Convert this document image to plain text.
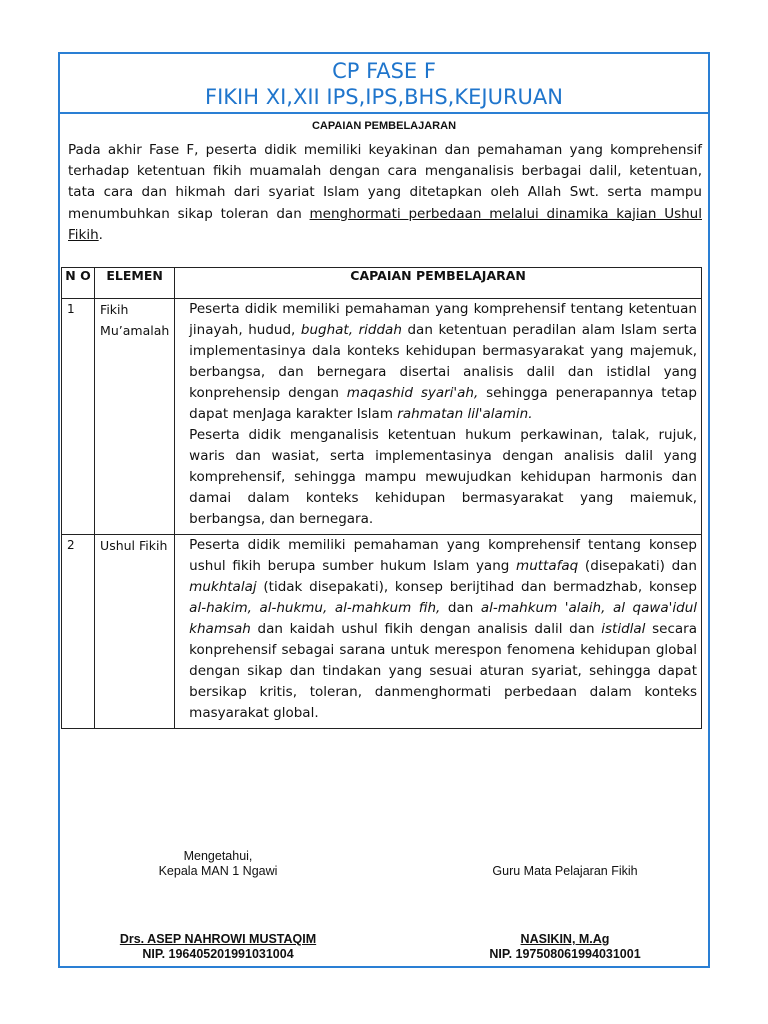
CP FASE F
FIKIH XI,XII IPS,IPS,BHS,KEJURUAN
CAPAIAN PEMBELAJARAN
Pada akhir Fase F, peserta didik memiliki keyakinan dan pemahaman yang komprehensif terhadap ketentuan fikih muamalah dengan cara menganalisis berbagai dalil, ketentuan, tata cara dan hikmah dari syariat Islam yang ditetapkan oleh Allah Swt. serta mampu menumbuhkan sikap toleran dan menghormati perbedaan melalui dinamika kajian Ushul Fikih.
N O	ELEMEN	CAPAIAN PEMBELAJARAN
1	Fikih Mu’amalah	Peserta didik memiliki pemahaman yang komprehensif tentang ketentuan jinayah, hudud, bughat, riddah dan ketentuan peradilan alam Islam serta implementasinya dala konteks kehidupan bermasyarakat yang majemuk, berbangsa, dan bernegara disertai analisis dalil dan istidlal yang konprehensip dengan maqashid syari'ah, sehingga penerapannya tetap dapat menJaga karakter Islam rahmatan lil'alamin.

Peserta didik menganalisis ketentuan hukum perkawinan, talak, rujuk, waris dan wasiat, serta implementasinya dengan analisis dalil yang komprehensif, sehingga mampu mewujudkan kehidupan harmonis dan damai dalam konteks kehidupan bermasyarakat yang maiemuk, berbangsa, dan bernegara.

2	Ushul Fikih	Peserta didik memiliki pemahaman yang komprehensif tentang konsep ushul fikih berupa sumber hukum Islam yang muttafaq (disepakati) dan mukhtalaj (tidak disepakati), konsep berijtihad dan bermadzhab, konsep al-hakim, al-hukmu, al-mahkum fih, dan al-mahkum 'alaih, al qawa'idul khamsah dan kaidah ushul fikih dengan analisis dalil dan istidlal secara konprehensif sebagai sarana untuk merespon fenomena kehidupan global dengan sikap dan tindakan yang sesuai aturan syariat, sehingga dapat bersikap kritis, toleran, danmenghormati perbedaan dalam konteks masyarakat global.

Mengetahui,
Kepala MAN 1 Ngawi	Guru Mata Pelajaran Fikih
Drs. ASEP NAHROWI MUSTAQIM
NIP. 196405201991031004
NASIKIN, M.Ag
NIP. 197508061994031001
